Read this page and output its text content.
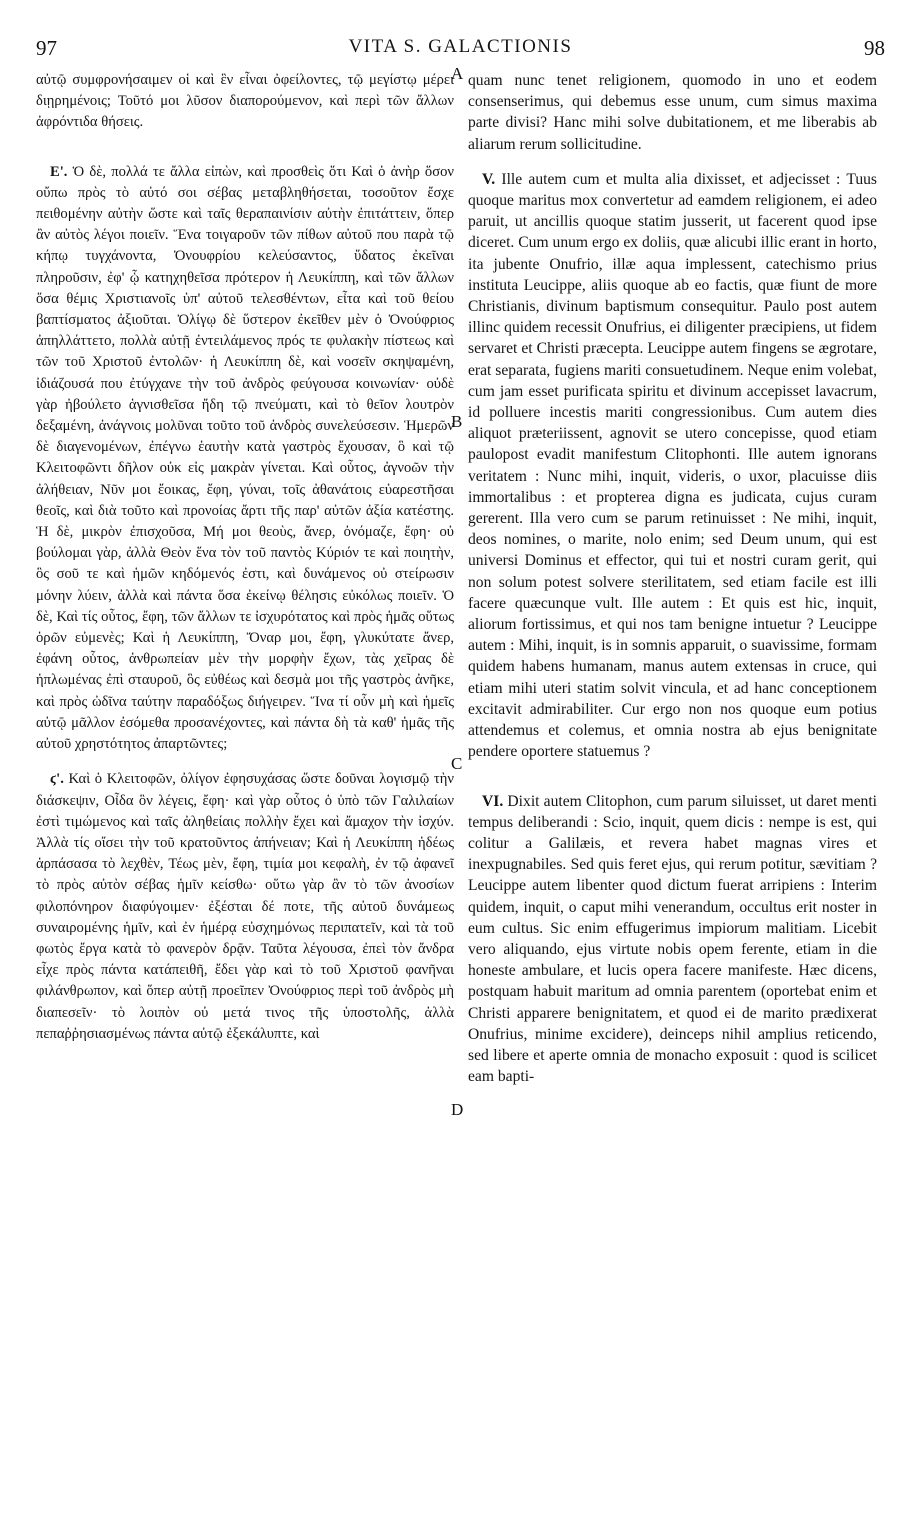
97	VITA S. GALACTIONIS	98

αὐτῷ συμφρονήσαιμεν οἱ καὶ ἓν εἶναι ὀφείλοντες, τῷ μεγίστῳ μέρει διῃρημένοις; Τοῦτό μοι λῦσον διαπορούμενον, καὶ περὶ τῶν ἄλλων ἀφρόντιδα θήσεις.

Ε'. Ὁ δὲ, πολλά τε ἄλλα εἰπὼν, καὶ προσθεὶς ὅτι Καὶ ὁ ἀνὴρ ὅσον οὔπω πρὸς τὸ αὐτό σοι σέβας μεταβληθήσεται, τοσοῦτον ἔσχε πειθομένην αὐτὴν ὥστε καὶ ταῖς θεραπαινίσιν αὐτὴν ἐπιτάττειν, ὅπερ ἂν αὐτὸς λέγοι ποιεῖν. Ἕνα τοιγαροῦν τῶν πίθων αὐτοῦ που παρὰ τῷ κήπῳ τυγχάνοντα, Ὀνουφρίου κελεύσαντος, ὕδατος ἐκεῖναι πληροῦσιν, ἐφ' ᾧ κατηχηθεῖσα πρότερον ἡ Λευκίππη, καὶ τῶν ἄλλων ὅσα θέμις Χριστιανοῖς ὑπ' αὐτοῦ τελεσθέντων, εἶτα καὶ τοῦ θείου βαπτίσματος ἀξιοῦται. Ὀλίγῳ δὲ ὕστερον ἐκεῖθεν μὲν ὁ Ὀνούφριος ἀπηλλάττετο, πολλὰ αὐτῇ ἐντειλάμενος πρός τε φυλακὴν πίστεως καὶ τῶν τοῦ Χριστοῦ ἐντολῶν· ἡ Λευκίππη δὲ, καὶ νοσεῖν σκηψαμένη, ἰδιάζουσά που ἐτύγχανε τὴν τοῦ ἀνδρὸς φεύγουσα κοινωνίαν· οὐδὲ γὰρ ἠβούλετο ἁγνισθεῖσα ἤδη τῷ πνεύματι, καὶ τὸ θεῖον λουτρὸν δεξαμένη, ἀνάγνοις μολῦναι τοῦτο τοῦ ἀνδρὸς συνελεύσεσιν. Ἡμερῶν δὲ διαγενομένων, ἐπέγνω ἑαυτὴν κατὰ γαστρὸς ἔχουσαν, ὃ καὶ τῷ Κλειτοφῶντι δῆλον οὐκ εἰς μακρὰν γίνεται. Καὶ οὗτος, ἀγνοῶν τὴν ἀλήθειαν, Νῦν μοι ἔοικας, ἔφη, γύναι, τοῖς ἀθανάτοις εὐαρεστῆσαι θεοῖς, καὶ διὰ τοῦτο καὶ προνοίας ἄρτι τῆς παρ' αὐτῶν ἀξία κατέστης. Ἡ δὲ, μικρὸν ἐπισχοῦσα, Μή μοι θεοὺς, ἄνερ, ὀνόμαζε, ἔφη· οὐ βούλομαι γὰρ, ἀλλὰ Θεὸν ἕνα τὸν τοῦ παντὸς Κύριόν τε καὶ ποιητὴν, ὃς σοῦ τε καὶ ἡμῶν κηδόμενός ἐστι, καὶ δυνάμενος οὐ στείρωσιν μόνην λύειν, ἀλλὰ καὶ πάντα ὅσα ἐκείνῳ θέλησις εὐκόλως ποιεῖν. Ὁ δὲ, Καὶ τίς οὗτος, ἔφη, τῶν ἄλλων τε ἰσχυρότατος καὶ πρὸς ἡμᾶς οὕτως ὁρῶν εὐμενὲς; Καὶ ἡ Λευκίππη, Ὄναρ μοι, ἔφη, γλυκύτατε ἄνερ, ἐφάνη οὗτος, ἀνθρωπείαν μὲν τὴν μορφὴν ἔχων, τὰς χεῖρας δὲ ἡπλωμένας ἐπὶ σταυροῦ, ὃς εὐθέως καὶ δεσμὰ μοι τῆς γαστρὸς ἀνῆκε, καὶ πρὸς ὠδῖνα ταύτην παραδόξως διήγειρεν. Ἵνα τί οὖν μὴ καὶ ἡμεῖς αὐτῷ μᾶλλον ἐσόμεθα προσανέχοντες, καὶ πάντα δὴ τὰ καθ' ἡμᾶς τῆς αὐτοῦ χρηστότητος ἀπαρτῶντες;

ϛ'. Καὶ ὁ Κλειτοφῶν, ὀλίγον ἐφησυχάσας ὥστε δοῦναι λογισμῷ τὴν διάσκεψιν, Οἶδα ὃν λέγεις, ἔφη· καὶ γὰρ οὗτος ὁ ὑπὸ τῶν Γαλιλαίων ἐστὶ τιμώμενος καὶ ταῖς ἀληθείαις πολλὴν ἔχει καὶ ἄμαχον τὴν ἰσχύν. Ἀλλὰ τίς οἴσει τὴν τοῦ κρατοῦντος ἀπήνειαν; Καὶ ἡ Λευκίππη ἡδέως ἁρπάσασα τὸ λεχθὲν, Τέως μὲν, ἔφη, τιμία μοι κεφαλὴ, ἐν τῷ ἀφανεῖ τὸ πρὸς αὐτὸν σέβας ἡμῖν κείσθω· οὕτω γὰρ ἂν τὸ τῶν ἀνοσίων φιλοπόνηρον διαφύγοιμεν· ἐξέσται δέ ποτε, τῆς αὐτοῦ δυνάμεως συναιρομένης ἡμῖν, καὶ ἐν ἡμέρᾳ εὐσχημόνως περιπατεῖν, καὶ τὰ τοῦ φωτὸς ἔργα κατὰ τὸ φανερὸν δρᾷν. Ταῦτα λέγουσα, ἐπεὶ τὸν ἄνδρα εἶχε πρὸς πάντα κατάπειθῆ, ἔδει γὰρ καὶ τὸ τοῦ Χριστοῦ φανῆναι φιλάνθρωπον, καὶ ὅπερ αὐτῇ προεῖπεν Ὀνούφριος περὶ τοῦ ἀνδρὸς μὴ διαπεσεῖν· τὸ λοιπὸν οὐ μετά τινος τῆς ὑποστολῆς, ἀλλὰ πεπαῤῥησιασμένως πάντα αὐτῷ ἐξεκάλυπτε, καὶ

quam nunc tenet religionem, quomodo in uno et eodem consenserimus, qui debemus esse unum, cum simus maxima parte divisi? Hanc mihi solve dubitationem, et me liberabis ab aliarum rerum sollicitudine.

V. Ille autem cum et multa alia dixisset, et adjecisset : Tuus quoque maritus mox convertetur ad eamdem religionem, ei adeo paruit, ut ancillis quoque statim jusserit, ut facerent quod ipse diceret. Cum unum ergo ex doliis, quæ alicubi illic erant in horto, ita jubente Onufrio, illæ aqua implessent, catechismo prius instituta Leucippe, aliis quoque ab eo factis, quæ fiunt de more Christianis, divinum baptismum consequitur. Paulo post autem illinc quidem recessit Onufrius, ei diligenter præcipiens, ut fidem servaret et Christi præcepta. Leucippe autem fingens se ægrotare, erat separata, fugiens mariti consuetudinem. Neque enim volebat, cum jam esset purificata spiritu et divinum accepisset lavacrum, id polluere incestis mariti congressionibus. Cum autem dies aliquot præteriissent, agnovit se utero concepisse, quod etiam paulopost evadit manifestum Clitophonti. Ille autem ignorans veritatem : Nunc mihi, inquit, videris, o uxor, placuisse diis immortalibus : et propterea digna es judicata, cujus curam gererent. Illa vero cum se parum retinuisset : Ne mihi, inquit, deos nomines, o marite, nolo enim; sed Deum unum, qui est universi Dominus et effector, qui tui et nostri curam gerit, qui non solum potest solvere sterilitatem, sed etiam facile est illi facere quæcunque vult. Ille autem : Et quis est hic, inquit, aliorum fortissimus, et qui nos tam benigne intuetur ? Leucippe autem : Mihi, inquit, is in somnis apparuit, o suavissime, formam quidem habens humanam, manus autem extensas in cruce, qui etiam mihi uteri statim solvit vincula, et ad hanc conceptionem excitavit admirabiliter. Cur ergo non nos quoque eum potius attendemus et colemus, et omnia nostra ab ejus benignitate pendere oportere statuemus ?

VI. Dixit autem Clitophon, cum parum siluisset, ut daret menti tempus deliberandi : Scio, inquit, quem dicis : nempe is est, qui colitur a Galilæis, et revera habet magnas vires et inexpugnabiles. Sed quis feret ejus, qui rerum potitur, sævitiam ? Leucippe autem libenter quod dictum fuerat arripiens : Interim quidem, inquit, o caput mihi venerandum, occultus erit noster in eum cultus. Sic enim effugerimus impiorum malitiam. Licebit vero aliquando, ejus virtute nobis opem ferente, etiam in die honeste ambulare, et lucis opera facere manifeste. Hæc dicens, postquam habuit maritum ad omnia parentem (oportebat enim et Christi apparere benignitatem, et quod ei de marito prædixerat Onufrius, minime excidere), deinceps nihil amplius reticendo, sed libere et aperte omnia de monacho exposuit : quod is scilicet eam bapti-

A
B
C
D
